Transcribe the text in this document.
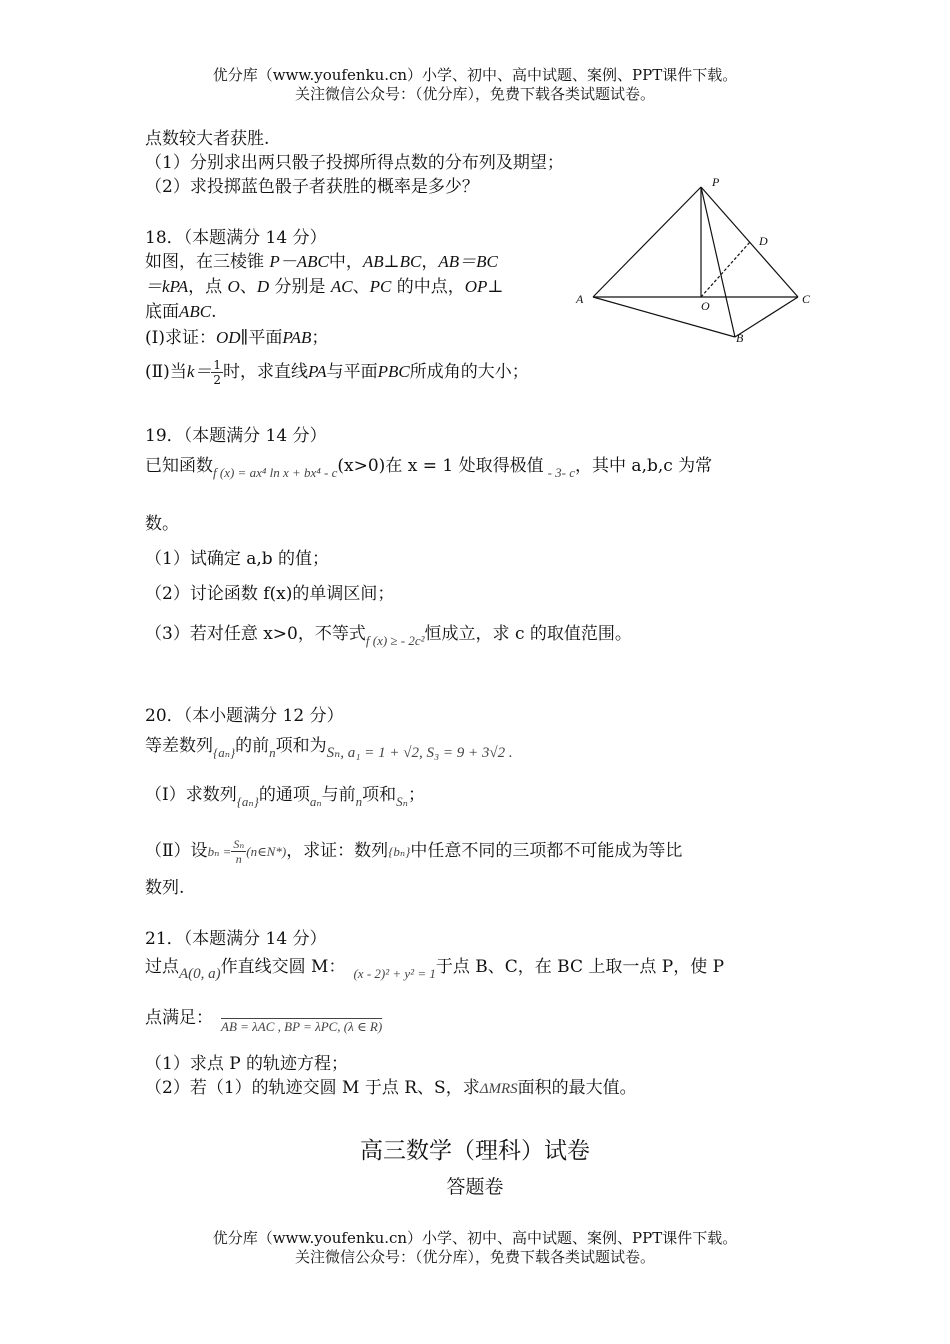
优分库（www.youfenku.cn）小学、初中、高中试题、案例、PPT课件下载。
关注微信公众号：（优分库），免费下载各类试题试卷。
点数较大者获胜.
（1）分别求出两只骰子投掷所得点数的分布列及期望；
（2）求投掷蓝色骰子者获胜的概率是多少？
18．（本题满分 14 分）
如图，在三棱锥 P－ABC中，AB⊥BC，AB＝BC
＝kPA，点 O、D 分别是 AC、PC 的中点，OP⊥
底面ABC.
(Ⅰ)求证：OD∥平面PAB；
(Ⅱ)当$k= \frac{1}{2}$ 时，求直线PA与平面PBC所成角的大小；
P
D
A	O	C
B
19．（本题满分 14 分）
已知函数$_{f (x) = ax^4 ln x + bx^4 - c}$(x>0)在 x = 1 处取得极值 $_{- 3- c}$，其中 a,b,c 为常
数。
（1）试确定 a,b 的值；
（2）讨论函数 f(x)的单调区间；
（3）若对任意 x>0，不等式$_{f (x) \ge - 2c^2}$恒成立，求 c 的取值范围。
20．（本小题满分 12 分）
等差数列$_{\{a_n\}}$的前$_n$项和为Sₙ, a₁ = 1 + √2, S₃ = 9 + 3√2 .
（Ⅰ）求数列$_{\{a_n\}}$的通项$_{a_n}$与前$_n$项和$_{S_n}$；
（Ⅱ）设$b_n = \frac{\text{Sₙ}}{n}$ (n∈N*)，求证：数列{bₙ}中任意不同的三项都不可能成为等比
数列.
21．（本题满分 14 分）
过点A(0, a)作直线交圆 M： $_{(x - 2)^2 + y^2 = 1}$于点 B、C，在 BC 上取一点 P，使 P
点满足： $_{AB = \lambda AC , BP = \lambda PC, (\lambda \in R)}$
（1）求点 P 的轨迹方程；
（2）若（1）的轨迹交圆 M 于点 R、S，求ΔMRS面积的最大值。
高三数学（理科）试卷
答题卷
优分库（www.youfenku.cn）小学、初中、高中试题、案例、PPT课件下载。
关注微信公众号：（优分库），免费下载各类试题试卷。
